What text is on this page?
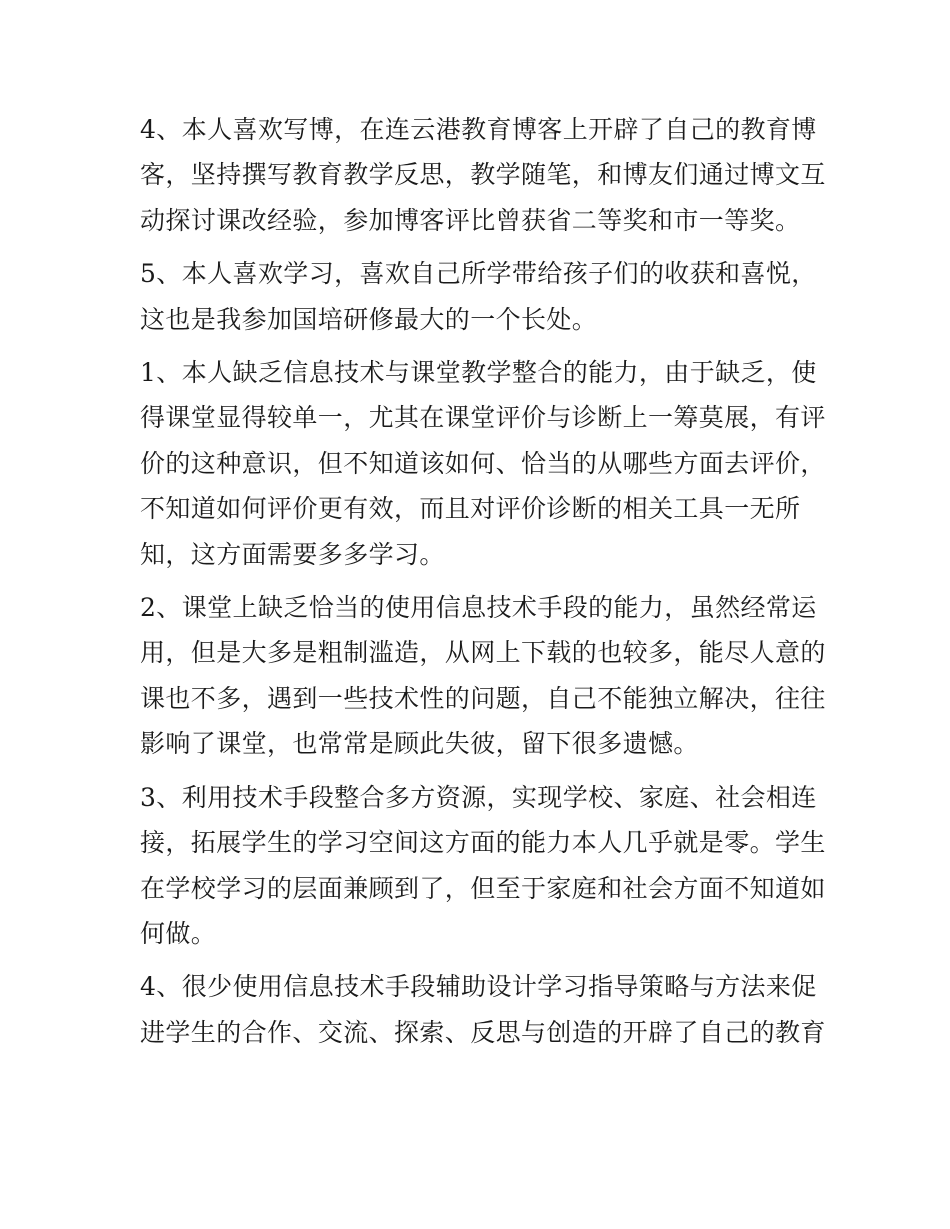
4、本人喜欢写博，在连云港教育博客上开辟了自己的教育博
客，坚持撰写教育教学反思，教学随笔，和博友们通过博文互
动探讨课改经验，参加博客评比曾获省二等奖和市一等奖。

5、本人喜欢学习，喜欢自己所学带给孩子们的收获和喜悦，
这也是我参加国培研修最大的一个长处。

1、本人缺乏信息技术与课堂教学整合的能力，由于缺乏，使
得课堂显得较单一，尤其在课堂评价与诊断上一筹莫展，有评
价的这种意识，但不知道该如何、恰当的从哪些方面去评价，
不知道如何评价更有效，而且对评价诊断的相关工具一无所
知，这方面需要多多学习。

2、课堂上缺乏恰当的使用信息技术手段的能力，虽然经常运
用，但是大多是粗制滥造，从网上下载的也较多，能尽人意的
课也不多，遇到一些技术性的问题，自己不能独立解决，往往
影响了课堂，也常常是顾此失彼，留下很多遗憾。

3、利用技术手段整合多方资源，实现学校、家庭、社会相连
接，拓展学生的学习空间这方面的能力本人几乎就是零。学生
在学校学习的层面兼顾到了，但至于家庭和社会方面不知道如
何做。

4、很少使用信息技术手段辅助设计学习指导策略与方法来促
进学生的合作、交流、探索、反思与创造的开辟了自己的教育
